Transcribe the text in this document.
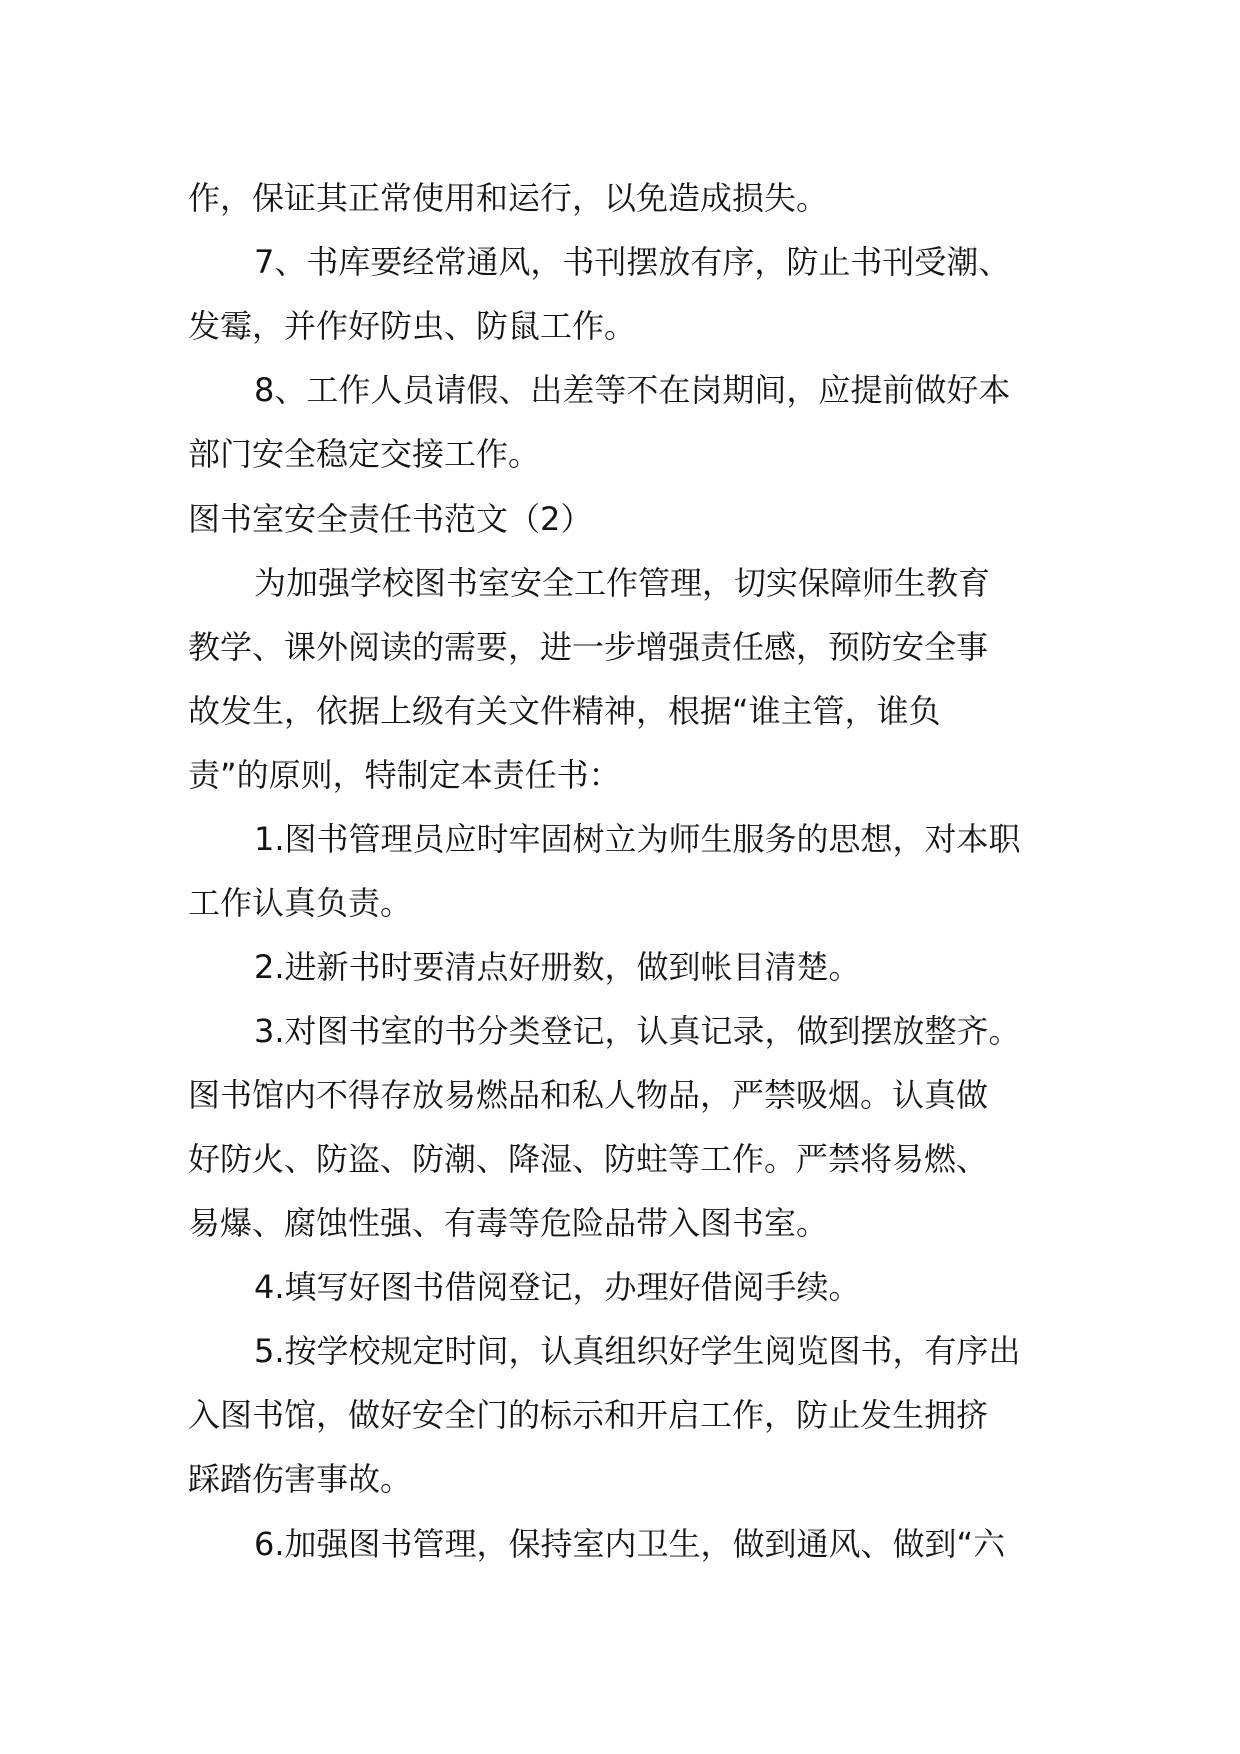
作，保证其正常使用和运行，以免造成损失。
7、书库要经常通风，书刊摆放有序，防止书刊受潮、
发霉，并作好防虫、防鼠工作。
8、工作人员请假、出差等不在岗期间，应提前做好本
部门安全稳定交接工作。
图书室安全责任书范文（2）
为加强学校图书室安全工作管理，切实保障师生教育
教学、课外阅读的需要，进一步增强责任感，预防安全事
故发生，依据上级有关文件精神，根据“谁主管，谁负
责”的原则，特制定本责任书：
1.图书管理员应时牢固树立为师生服务的思想，对本职
工作认真负责。
2.进新书时要清点好册数，做到帐目清楚。
3.对图书室的书分类登记，认真记录，做到摆放整齐。
图书馆内不得存放易燃品和私人物品，严禁吸烟。认真做
好防火、防盗、防潮、降湿、防蛀等工作。严禁将易燃、
易爆、腐蚀性强、有毒等危险品带入图书室。
4.填写好图书借阅登记，办理好借阅手续。
5.按学校规定时间，认真组织好学生阅览图书，有序出
入图书馆，做好安全门的标示和开启工作，防止发生拥挤
踩踏伤害事故。
6.加强图书管理，保持室内卫生，做到通风、做到“六
